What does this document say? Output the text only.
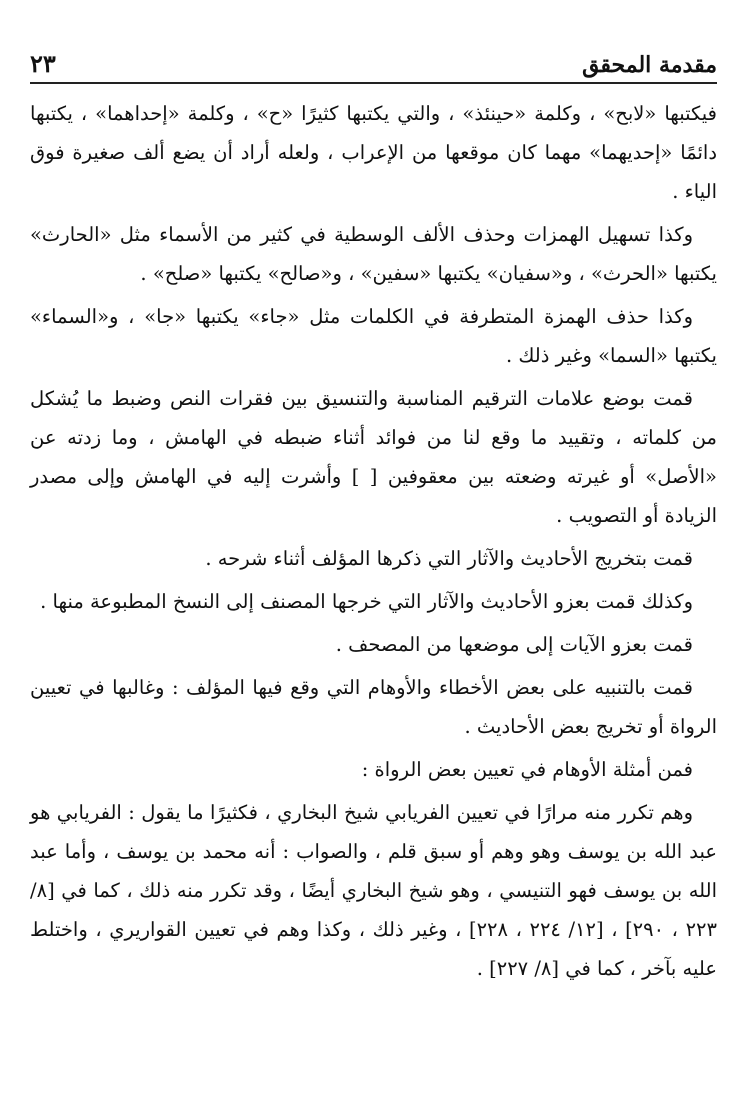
مقدمة المحقق
٢٣

فيكتبها «لابح» ، وكلمة «حينئذ» ، والتي يكتبها كثيرًا «ح» ، وكلمة «إحداهما» ، يكتبها دائمًا «إحديهما» مهما كان موقعها من الإعراب ، ولعله أراد أن يضع ألف صغيرة فوق الياء .

وكذا تسهيل الهمزات وحذف الألف الوسطية في كثير من الأسماء مثل «الحارث» يكتبها «الحرث» ، و«سفيان» يكتبها «سفين» ، و«صالح» يكتبها «صلح» .

وكذا حذف الهمزة المتطرفة في الكلمات مثل «جاء» يكتبها «جا» ، و«السماء» يكتبها «السما» وغير ذلك .

قمت بوضع علامات الترقيم المناسبة والتنسيق بين فقرات النص وضبط ما يُشكل من كلماته ، وتقييد ما وقع لنا من فوائد أثناء ضبطه في الهامش ، وما زدته عن «الأصل» أو غيرته وضعته بين معقوفين [ ] وأشرت إليه في الهامش وإلى مصدر الزيادة أو التصويب .

قمت بتخريج الأحاديث والآثار التي ذكرها المؤلف أثناء شرحه .

وكذلك قمت بعزو الأحاديث والآثار التي خرجها المصنف إلى النسخ المطبوعة منها .

قمت بعزو الآيات إلى موضعها من المصحف .

قمت بالتنبيه على بعض الأخطاء والأوهام التي وقع فيها المؤلف : وغالبها في تعيين الرواة أو تخريج بعض الأحاديث .

فمن أمثلة الأوهام في تعيين بعض الرواة :

وهم تكرر منه مرارًا في تعيين الفريابي شيخ البخاري ، فكثيرًا ما يقول : الفريابي هو عبد الله بن يوسف وهو وهم أو سبق قلم ، والصواب : أنه محمد بن يوسف ، وأما عبد الله بن يوسف فهو التنيسي ، وهو شيخ البخاري أيضًا ، وقد تكرر منه ذلك ، كما في [٨/ ٢٢٣ ، ٢٩٠] ، [١٢/ ٢٢٤ ، ٢٢٨] ، وغير ذلك ، وكذا وهم في تعيين القواريري ، واختلط عليه بآخر ، كما في [٨/ ٢٢٧] .
